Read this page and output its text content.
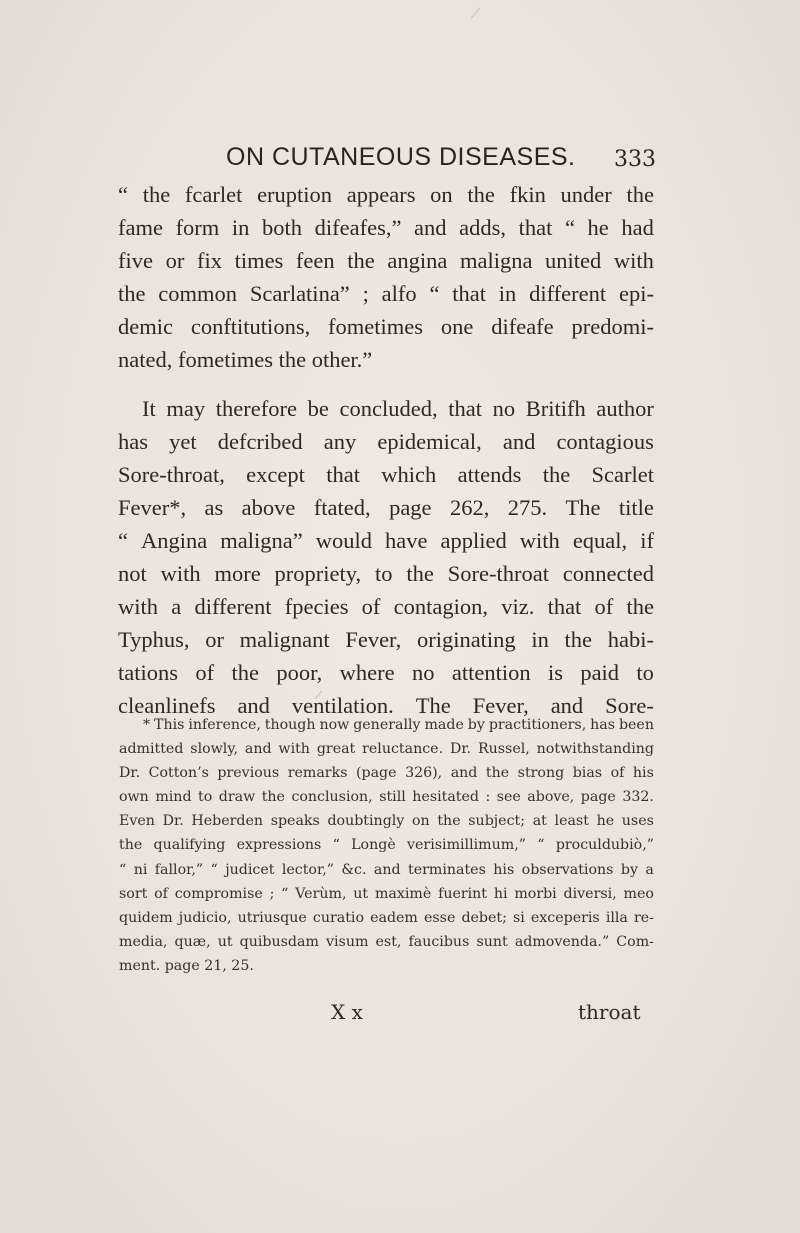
ON CUTANEOUS DISEASES. 333
“ the fcarlet eruption appears on the fkin under the
fame form in both difeafes,” and adds, that “ he had
five or fix times feen the angina maligna united with
the common Scarlatina” ; alfo “ that in different epi-
demic conftitutions, fometimes one difeafe predomi-
nated, fometimes the other.”
It may therefore be concluded, that no Britifh author
has yet defcribed any epidemical, and contagious
Sore-throat, except that which attends the Scarlet
Fever*, as above ftated, page 262, 275. The title
“ Angina maligna” would have applied with equal, if
not with more propriety, to the Sore-throat connected
with a different fpecies of contagion, viz. that of the
Typhus, or malignant Fever, originating in the habi-
tations of the poor, where no attention is paid to
cleanlinefs and ventilation. The Fever, and Sore-
* This inference, though now generally made by practitioners, has been
admitted slowly, and with great reluctance. Dr. Russel, notwithstanding
Dr. Cotton’s previous remarks (page 326), and the strong bias of his
own mind to draw the conclusion, still hesitated : see above, page 332.
Even Dr. Heberden speaks doubtingly on the subject; at least he uses
the qualifying expressions “ Longè verisimillimum,” “ proculdubiò,”
“ ni fallor,” “ judicet lector,” &c. and terminates his observations by a
sort of compromise ; “ Verùm, ut maximè fuerint hi morbi diversi, meo
quidem judicio, utriusque curatio eadem esse debet; si exceperis illa re-
media, quæ, ut quibusdam visum est, faucibus sunt admovenda.” Com-
ment. page 21, 25.
X x	throat
